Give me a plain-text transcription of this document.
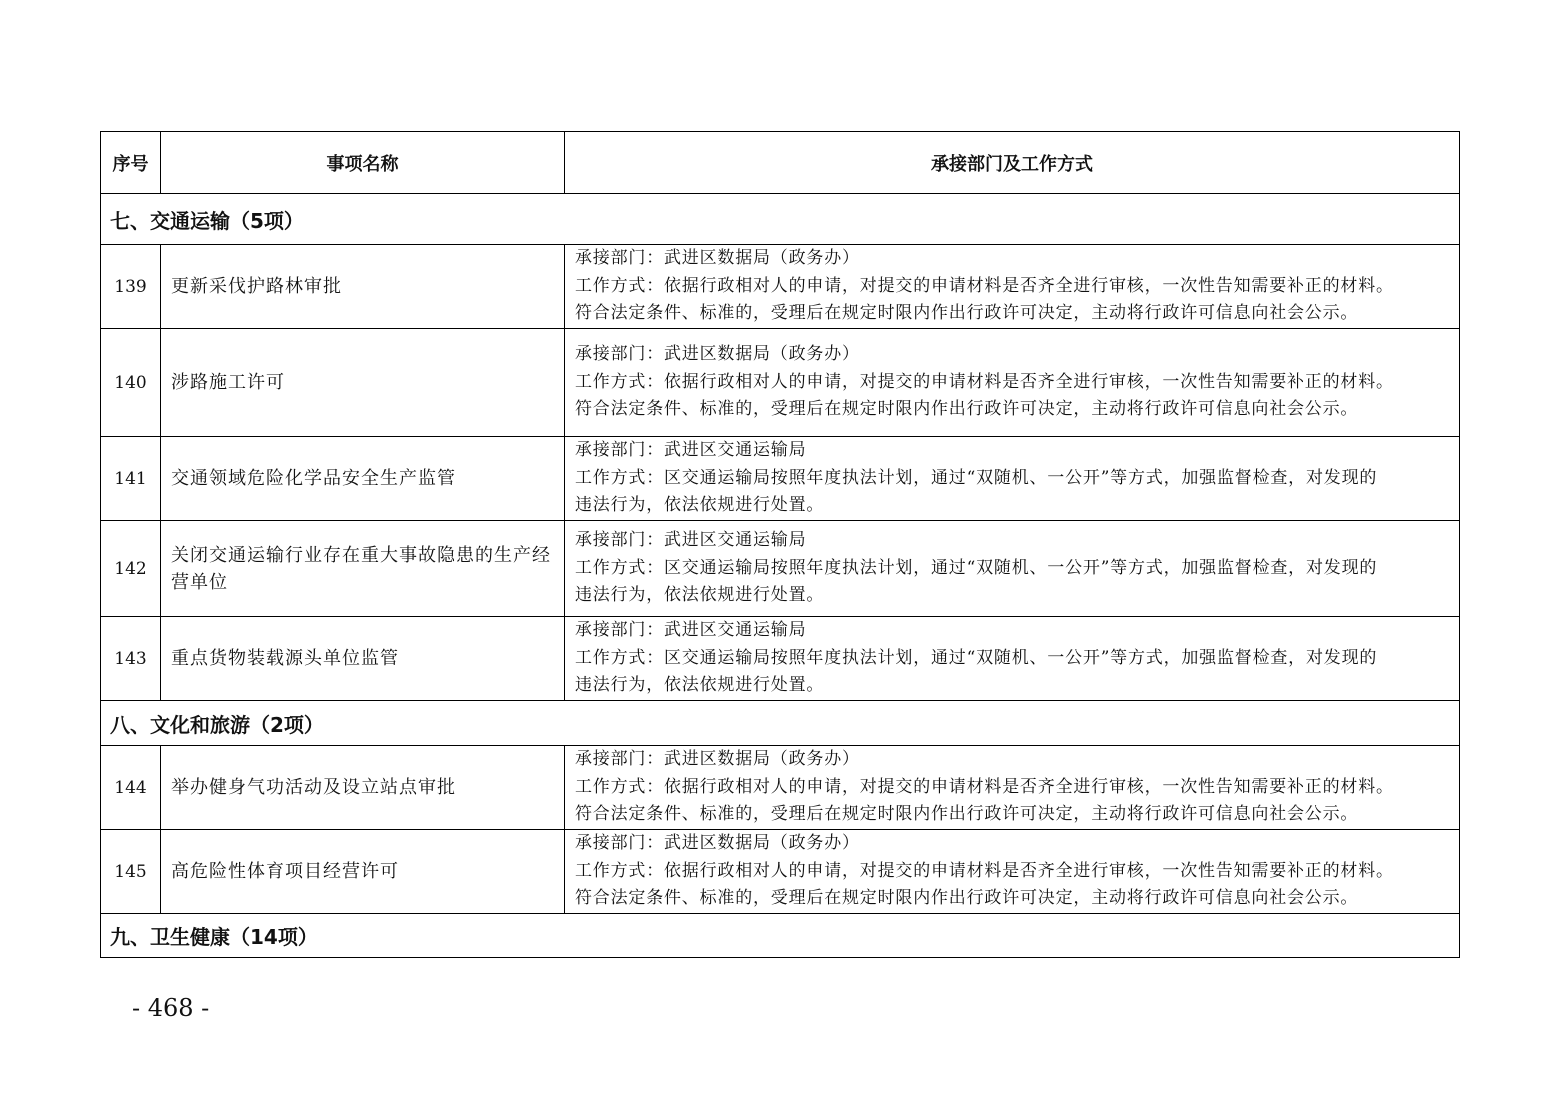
序号	事项名称	承接部门及工作方式
七、交通运输（5项）		
139	更新采伐护路林审批	承接部门：武进区数据局（政务办）
工作方式：依据行政相对人的申请，对提交的申请材料是否齐全进行审核，一次性告知需要补正的材料。
符合法定条件、标准的，受理后在规定时限内作出行政许可决定，主动将行政许可信息向社会公示。

140	涉路施工许可	承接部门：武进区数据局（政务办）
工作方式：依据行政相对人的申请，对提交的申请材料是否齐全进行审核，一次性告知需要补正的材料。
符合法定条件、标准的，受理后在规定时限内作出行政许可决定，主动将行政许可信息向社会公示。

141	交通领域危险化学品安全生产监管	承接部门：武进区交通运输局
工作方式：区交通运输局按照年度执法计划，通过“双随机、一公开”等方式，加强监督检查，对发现的
违法行为，依法依规进行处置。

142	关闭交通运输行业存在重大事故隐患的生产经营单位	承接部门：武进区交通运输局
工作方式：区交通运输局按照年度执法计划，通过“双随机、一公开”等方式，加强监督检查，对发现的
违法行为，依法依规进行处置。

143	重点货物装载源头单位监管	承接部门：武进区交通运输局
工作方式：区交通运输局按照年度执法计划，通过“双随机、一公开”等方式，加强监督检查，对发现的
违法行为，依法依规进行处置。

八、文化和旅游（2项）		
144	举办健身气功活动及设立站点审批	承接部门：武进区数据局（政务办）
工作方式：依据行政相对人的申请，对提交的申请材料是否齐全进行审核，一次性告知需要补正的材料。
符合法定条件、标准的，受理后在规定时限内作出行政许可决定，主动将行政许可信息向社会公示。

145	高危险性体育项目经营许可	承接部门：武进区数据局（政务办）
工作方式：依据行政相对人的申请，对提交的申请材料是否齐全进行审核，一次性告知需要补正的材料。
符合法定条件、标准的，受理后在规定时限内作出行政许可决定，主动将行政许可信息向社会公示。

九、卫生健康（14项）		
- 468 -
